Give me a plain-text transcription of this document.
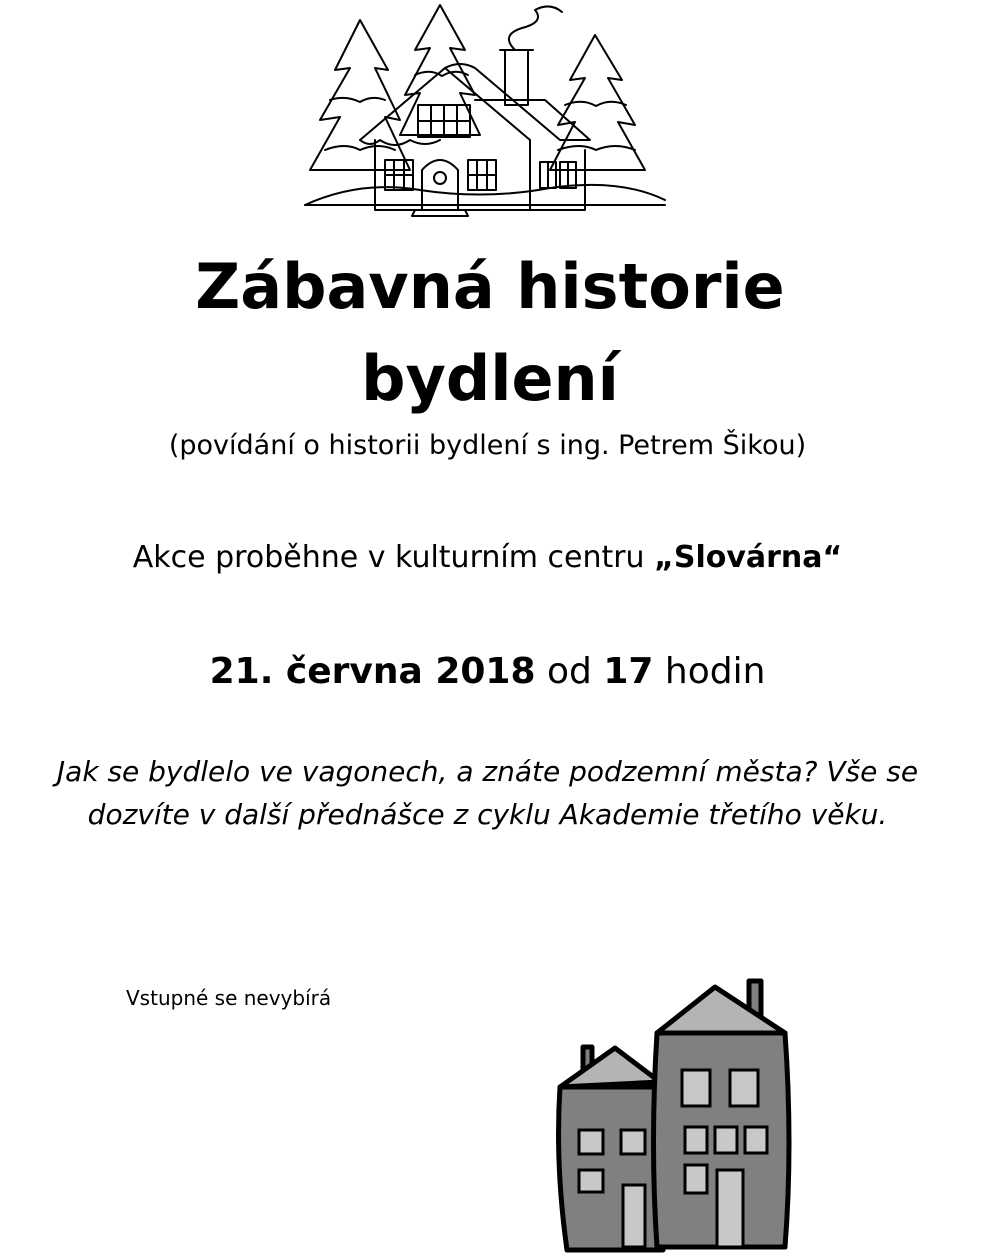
Zábavná historie
bydlení
(povídání o historii bydlení s ing. Petrem Šikou)
Akce proběhne v kulturním centru „Slovárna“
21. června 2018 od 17 hodin
Jak se bydlelo ve vagonech, a znáte podzemní města? Vše se
dozvíte v další přednášce z cyklu Akademie třetího věku.
Vstupné se nevybírá
